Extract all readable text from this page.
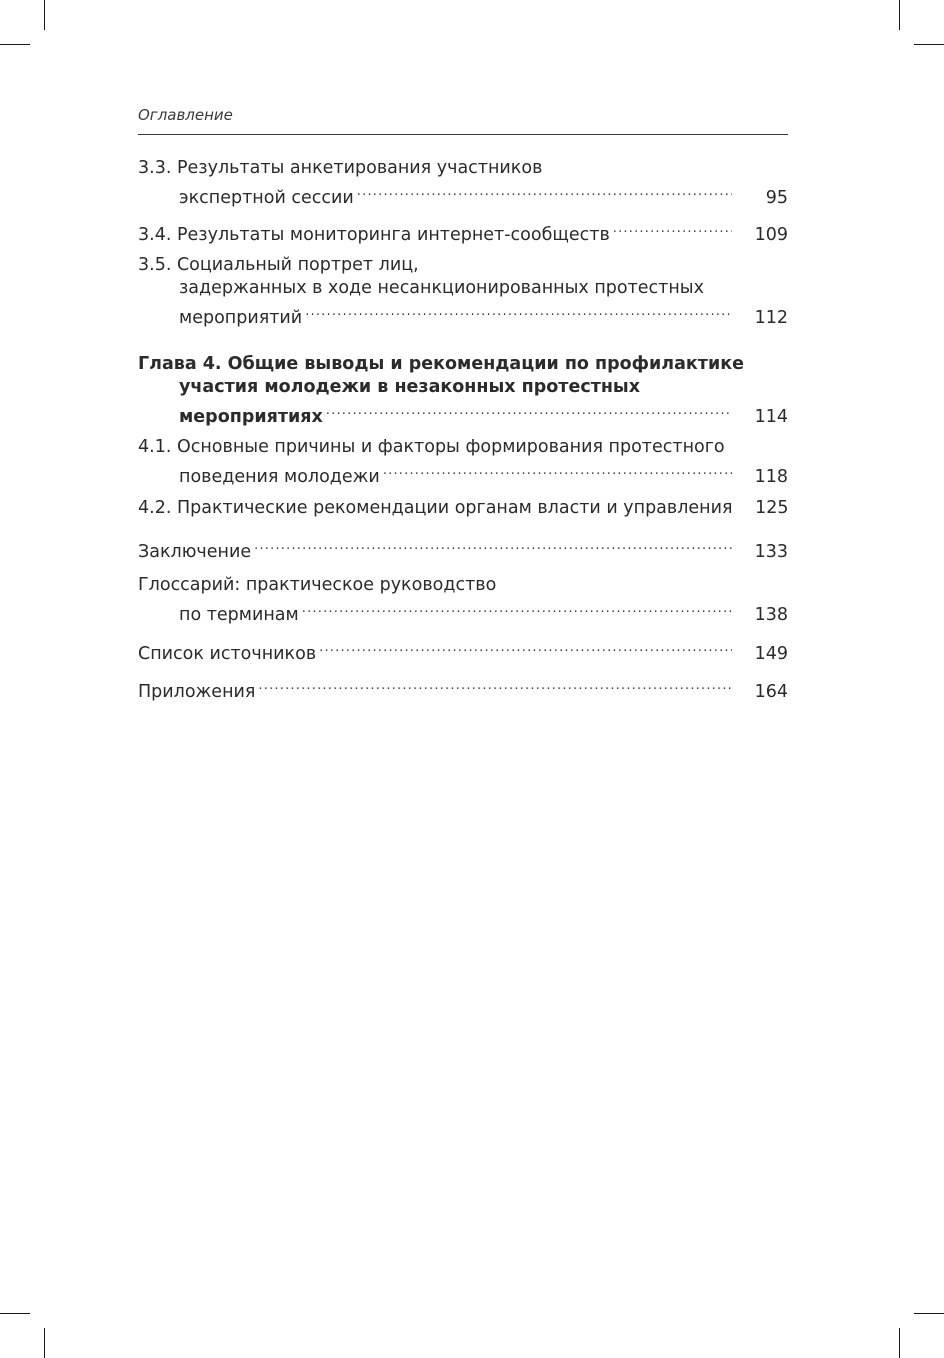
Оглавление
3.3. Результаты анкетирования участников
экспертной сессии .....	95
3.4. Результаты мониторинга интернет-сообществ .....	109
3.5. Социальный портрет лиц,
задержанных в ходе несанкционированных протестных
мероприятий .....	112
Глава 4. Общие выводы и рекомендации по профилактике
участия молодежи в незаконных протестных
мероприятиях .....	114
4.1. Основные причины и факторы формирования протестного
поведения молодежи .....	118
4.2. Практические рекомендации органам власти и управления	125
Заключение .....	133
Глоссарий: практическое руководство
по терминам .....	138
Список источников .....	149
Приложения .....	164
